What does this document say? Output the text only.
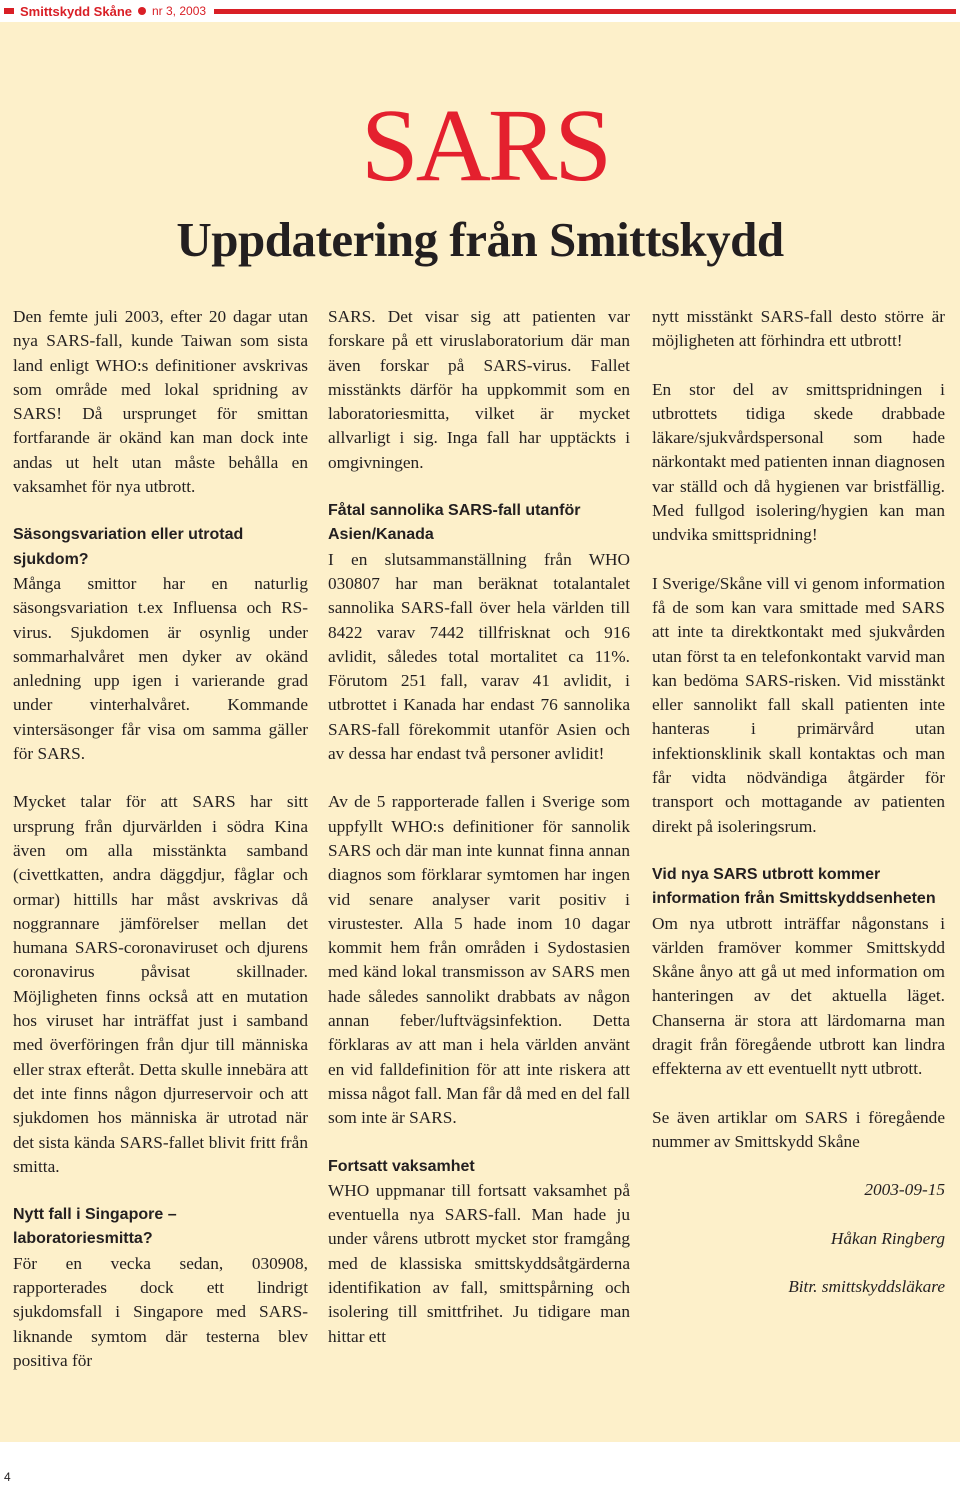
Smittskydd Skåne nr 3, 2003
SARS
Uppdatering från Smittskydd

Den femte juli 2003, efter 20 dagar utan nya SARS-fall, kunde Taiwan som sista land enligt WHO:s definitioner avskrivas som område med lokal spridning av SARS! Då ursprunget för smittan fortfarande är okänd kan man dock inte andas ut helt utan måste behålla en vaksamhet för nya utbrott.

Säsongsvariation eller utrotad sjukdom?

Många smittor har en naturlig säsongsvariation t.ex Influensa och RS-virus. Sjukdomen är osynlig under sommarhalvåret men dyker av okänd anledning upp igen i varierande grad under vinterhalvåret. Kommande vintersäsonger får visa om samma gäller för SARS.

Mycket talar för att SARS har sitt ursprung från djurvärlden i södra Kina även om alla misstänkta samband (civettkatten, andra däggdjur, fåglar och ormar) hittills har måst avskrivas då noggrannare jämförelser mellan det humana SARS-coronaviruset och djurens coronavirus påvisat skillnader. Möjligheten finns också att en mutation hos viruset har inträffat just i samband med överföringen från djur till människa eller strax efteråt. Detta skulle innebära att det inte finns någon djurreservoir och att sjukdomen hos människa är utrotad när det sista kända SARS-fallet blivit fritt från smitta.

Nytt fall i Singapore – laboratoriesmitta?

För en vecka sedan, 030908, rapporterades dock ett lindrigt sjukdomsfall i Singapore med SARS-liknande symtom där testerna blev positiva för

SARS. Det visar sig att patienten var forskare på ett viruslaboratorium där man även forskar på SARS-virus. Fallet misstänkts därför ha uppkommit som en laboratoriesmitta, vilket är mycket allvarligt i sig. Inga fall har upptäckts i omgivningen.

Fåtal sannolika SARS-fall utanför Asien/Kanada

I en slutsammanställning från WHO 030807 har man beräknat totalantalet sannolika SARS-fall över hela världen till 8422 varav 7442 tillfrisknat och 916 avlidit, således total mortalitet ca 11%. Förutom 251 fall, varav 41 avlidit, i utbrottet i Kanada har endast 76 sannolika SARS-fall förekommit utanför Asien och av dessa har endast två personer avlidit!

Av de 5 rapporterade fallen i Sverige som uppfyllt WHO:s definitioner för sannolik SARS och där man inte kunnat finna annan diagnos som förklarar symtomen har ingen vid senare analyser varit positiv i virustester. Alla 5 hade inom 10 dagar kommit hem från områden i Sydostasien med känd lokal transmisson av SARS men hade således sannolikt drabbats av någon annan feber/luftvägsinfektion. Detta förklaras av att man i hela världen använt en vid falldefinition för att inte riskera att missa något fall. Man får då med en del fall som inte är SARS.

Fortsatt vaksamhet

WHO uppmanar till fortsatt vaksamhet på eventuella nya SARS-fall. Man hade ju under vårens utbrott mycket stor framgång med de klassiska smittskyddsåtgärderna identifikation av fall, smittspårning och isolering till smittfrihet. Ju tidigare man hittar ett

nytt misstänkt SARS-fall desto större är möjligheten att förhindra ett utbrott!

En stor del av smittspridningen i utbrottets tidiga skede drabbade läkare/sjukvårdspersonal som hade närkontakt med patienten innan diagnosen var ställd och då hygienen var bristfällig. Med fullgod isolering/hygien kan man undvika smittspridning!

I Sverige/Skåne vill vi genom information få de som kan vara smittade med SARS att inte ta direktkontakt med sjukvården utan först ta en telefonkontakt varvid man kan bedöma SARS-risken. Vid misstänkt eller sannolikt fall skall patienten inte hanteras i primärvård utan infektionsklinik skall kontaktas och man får vidta nödvändiga åtgärder för transport och mottagande av patienten direkt på isoleringsrum.

Vid nya SARS utbrott kommer information från Smittskyddsenheten

Om nya utbrott inträffar någonstans i världen framöver kommer Smittskydd Skåne ånyo att gå ut med information om hanteringen av det aktuella läget. Chanserna är stora att lärdomarna man dragit från föregående utbrott kan lindra effekterna av ett eventuellt nytt utbrott.

Se även artiklar om SARS i föregående nummer av Smittskydd Skåne

2003-09-15

Håkan Ringberg

Bitr. smittskyddsläkare

4
